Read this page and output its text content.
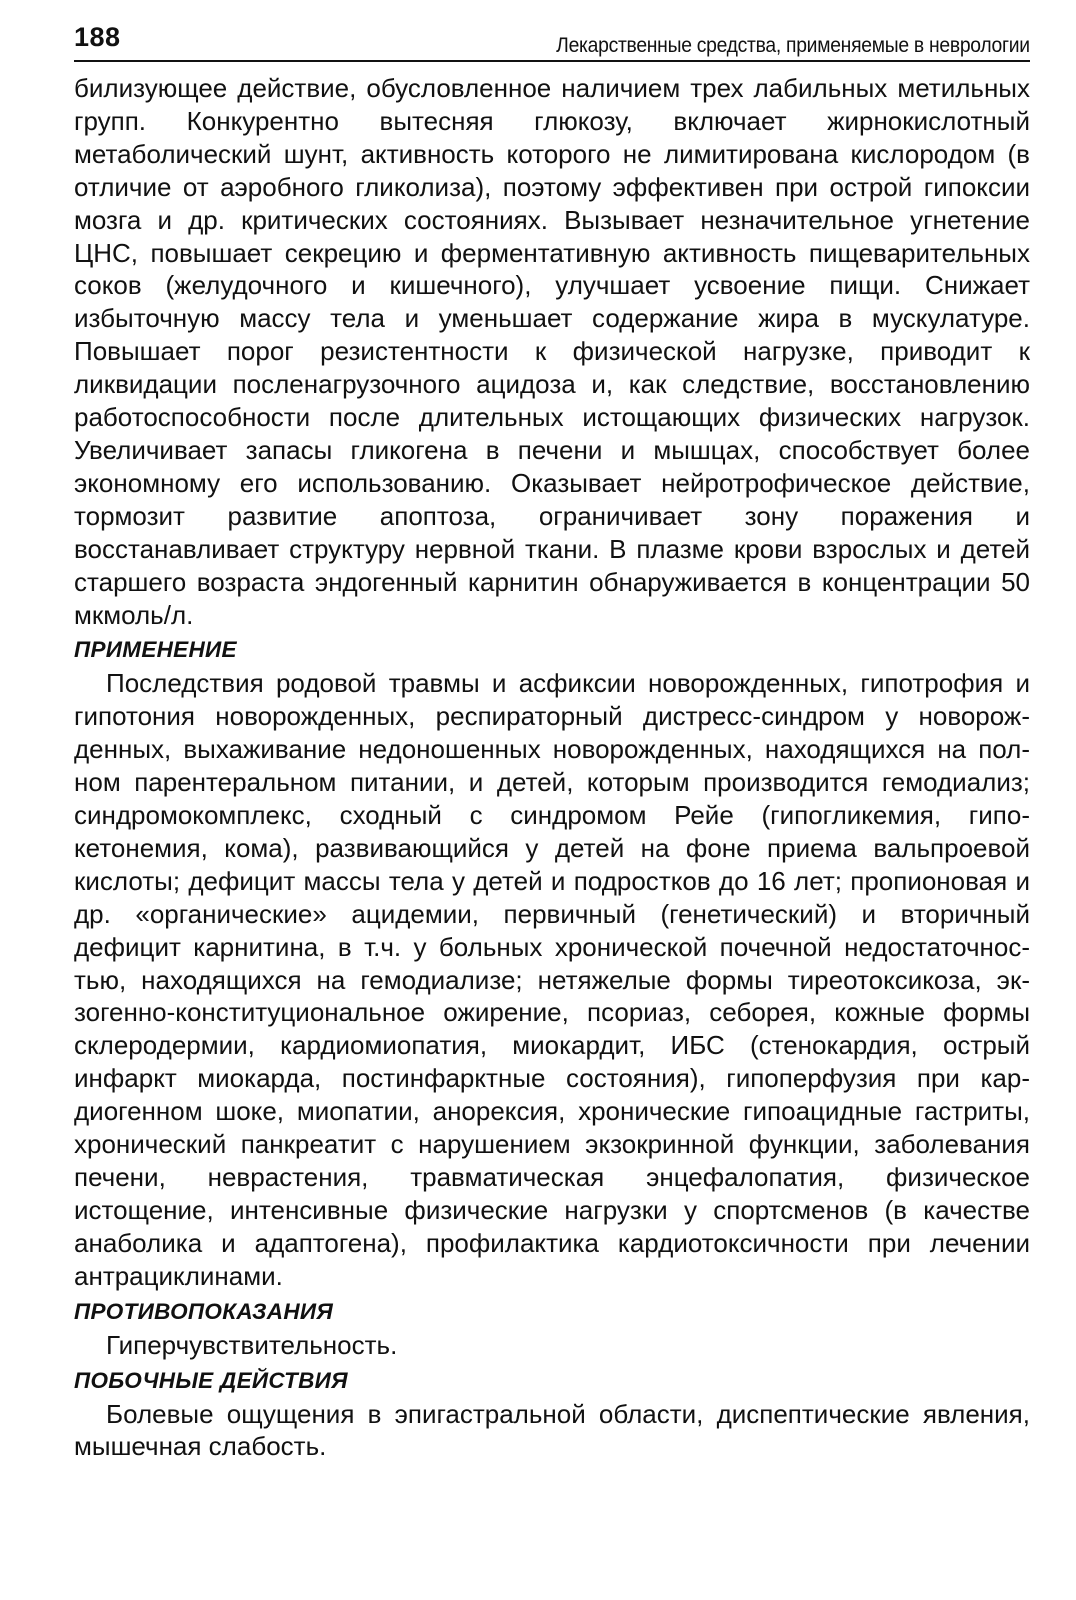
188	Лекарственные средства, применяемые в неврологии

билизующее действие, обусловленное наличием трех лабильных метильных групп. Конкурентно вытесняя глюкозу, включает жирнокислотный метаболический шунт, активность которого не лимитирована кислородом (в отличие от аэробного гликолиза), поэтому эффективен при острой гипоксии мозга и др. критических состояниях. Вызывает незначительное угнетение ЦНС, повышает секрецию и ферментативную активность пищеварительных соков (желудочного и кишечного), улучшает усвоение пищи. Снижает избыточную массу тела и уменьшает содержание жира в мускулатуре. Повышает порог резистентности к физической нагрузке, приводит к ликвидации посленагрузочного ацидоза и, как следствие, восстановлению работоспособности после длительных истощающих физических нагрузок. Увеличивает запасы гликогена в печени и мышцах, способствует более экономному его использованию. Оказывает нейротрофическое действие, тормозит развитие апоптоза, ограничивает зону поражения и восстанавливает структуру нервной ткани. В плазме крови взрослых и детей старшего возраста эндогенный карнитин обнаруживается в концентрации 50 мкмоль/л.

ПРИМЕНЕНИЕ

Последствия родовой травмы и асфиксии новорожденных, гипотрофия и гипотония новорожденных, респираторный дистресс-синдром у новорожденных, выхаживание недоношенных новорожденных, находящихся на полном парентеральном питании, и детей, которым производится гемодиализ; синдромокомплекс, сходный с синдромом Рейе (гипогликемия, гипокетонемия, кома), развивающийся у детей на фоне приема вальпроевой кислоты; дефицит массы тела у детей и подростков до 16 лет; пропионовая и др. «органические» ацидемии, первичный (генетический) и вторичный дефицит карнитина, в т.ч. у больных хронической почечной недостаточностью, находящихся на гемодиализе; нетяжелые формы тиреотоксикоза, экзогенно-конституциональное ожирение, псориаз, себорея, кожные формы склеродермии, кардиомиопатия, миокардит, ИБС (стенокардия, острый инфаркт миокарда, постинфарктные состояния), гипоперфузия при кардиогенном шоке, миопатии, анорексия, хронические гипоацидные гастриты, хронический панкреатит с нарушением экзокринной функции, заболевания печени, неврастения, травматическая энцефалопатия, физическое истощение, интенсивные физические нагрузки у спортсменов (в качестве анаболика и адаптогена), профилактика кардиотоксичности при лечении антрациклинами.

ПРОТИВОПОКАЗАНИЯ

Гиперчувствительность.

ПОБОЧНЫЕ ДЕЙСТВИЯ

Болевые ощущения в эпигастральной области, диспептические явления, мышечная слабость.
